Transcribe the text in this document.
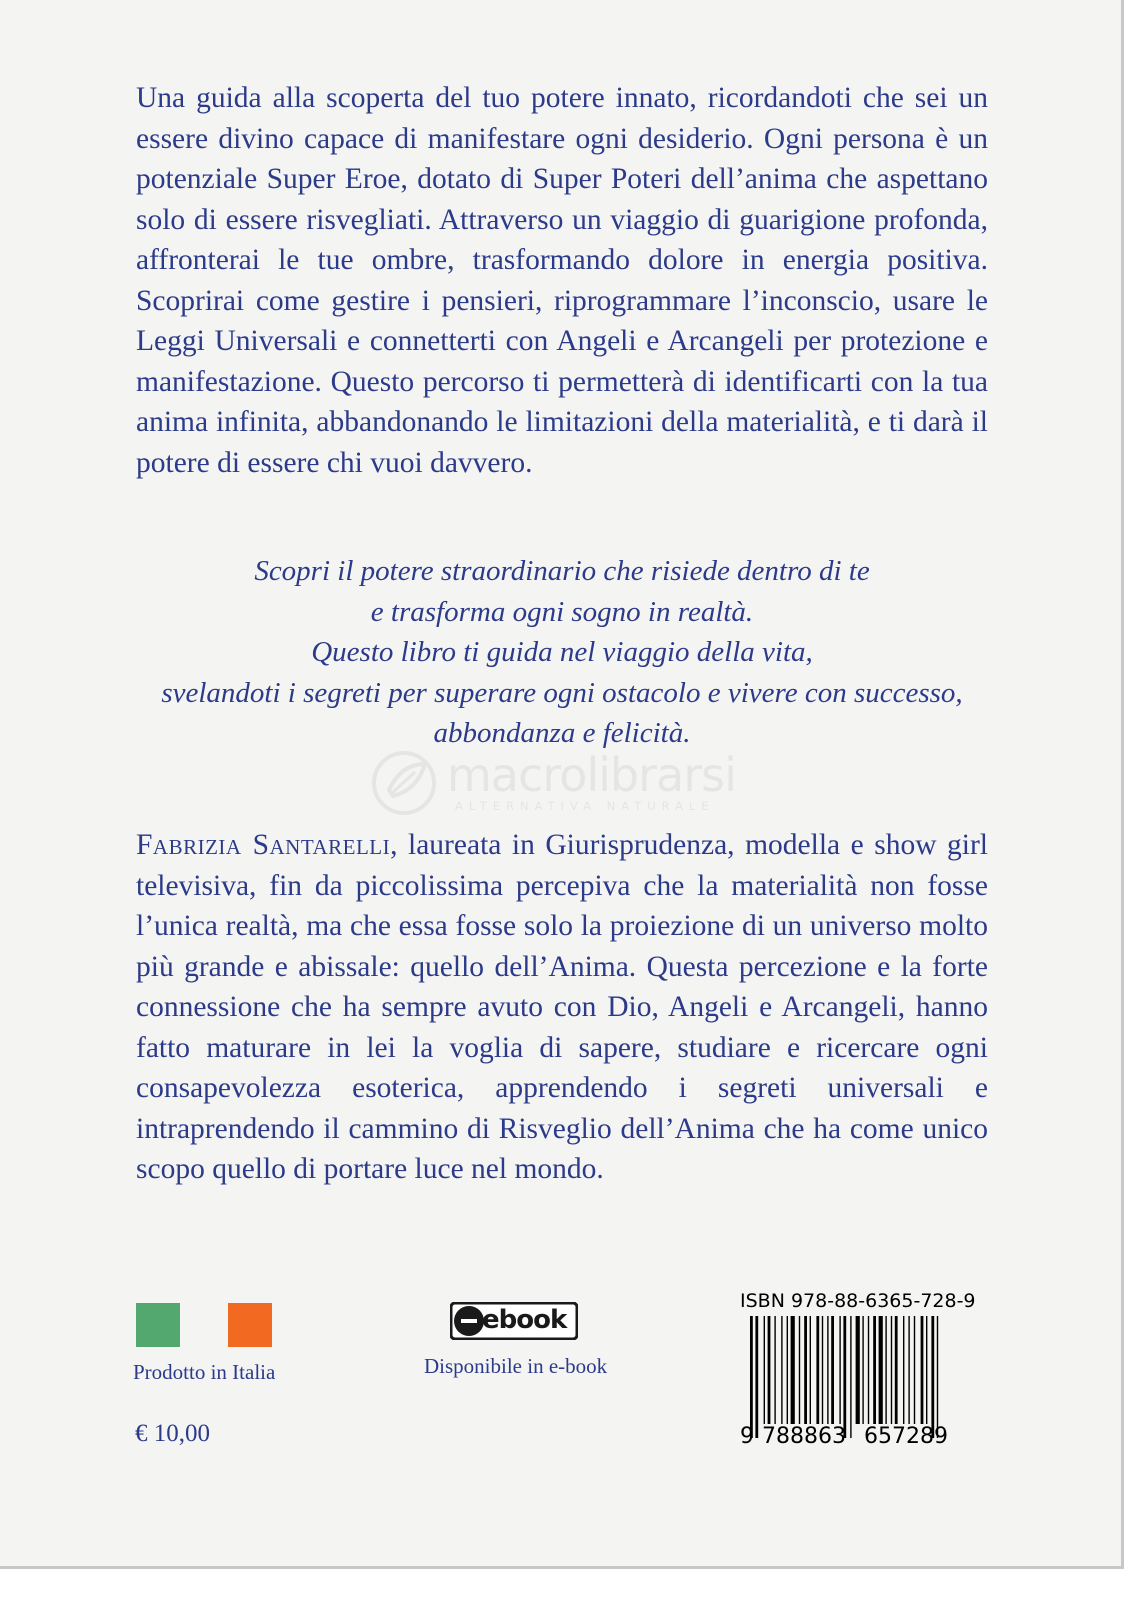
Una guida alla scoperta del tuo potere innato, ricordandoti che sei un essere divino capace di manifestare ogni desiderio. Ogni persona è un potenziale Super Eroe, dotato di Super Poteri dell’anima che aspettano solo di essere risvegliati. Attraverso un viaggio di guarigione profonda, affronterai le tue ombre, trasformando dolore in energia positiva. Scoprirai come gestire i pensieri, riprogrammare l’inconscio, usare le Leggi Universali e connetterti con Angeli e Arcangeli per protezione e manifestazione. Questo percorso ti permetterà di identificarti con la tua anima infinita, abbandonando le limitazioni della materialità, e ti darà il potere di essere chi vuoi davvero.

Scopri il potere straordinario che risiede dentro di te
e trasforma ogni sogno in realtà.
Questo libro ti guida nel viaggio della vita,
svelandoti i segreti per superare ogni ostacolo e vivere con successo,
abbondanza e felicità.
macrolibrarsi
ALTERNATIVA NATURALE

Fabrizia Santarelli, laureata in Giurisprudenza, modella e show girl televisiva, fin da piccolissima percepiva che la materialità non fosse l’unica realtà, ma che essa fosse solo la proiezione di un universo molto più grande e abissale: quello dell’Anima. Questa percezione e la forte connessione che ha sempre avuto con Dio, Angeli e Arcangeli, hanno fatto maturare in lei la voglia di sapere, studiare e ricercare ogni consapevolezza esoterica, apprendendo i segreti universali e intraprendendo il cammino di Risveglio dell’Anima che ha come unico scopo quello di portare luce nel mondo.

Prodotto in Italia
€ 10,00
ebook
Disponibile in e-book
ISBN 978-88-6365-728-9
9 788863 657289
